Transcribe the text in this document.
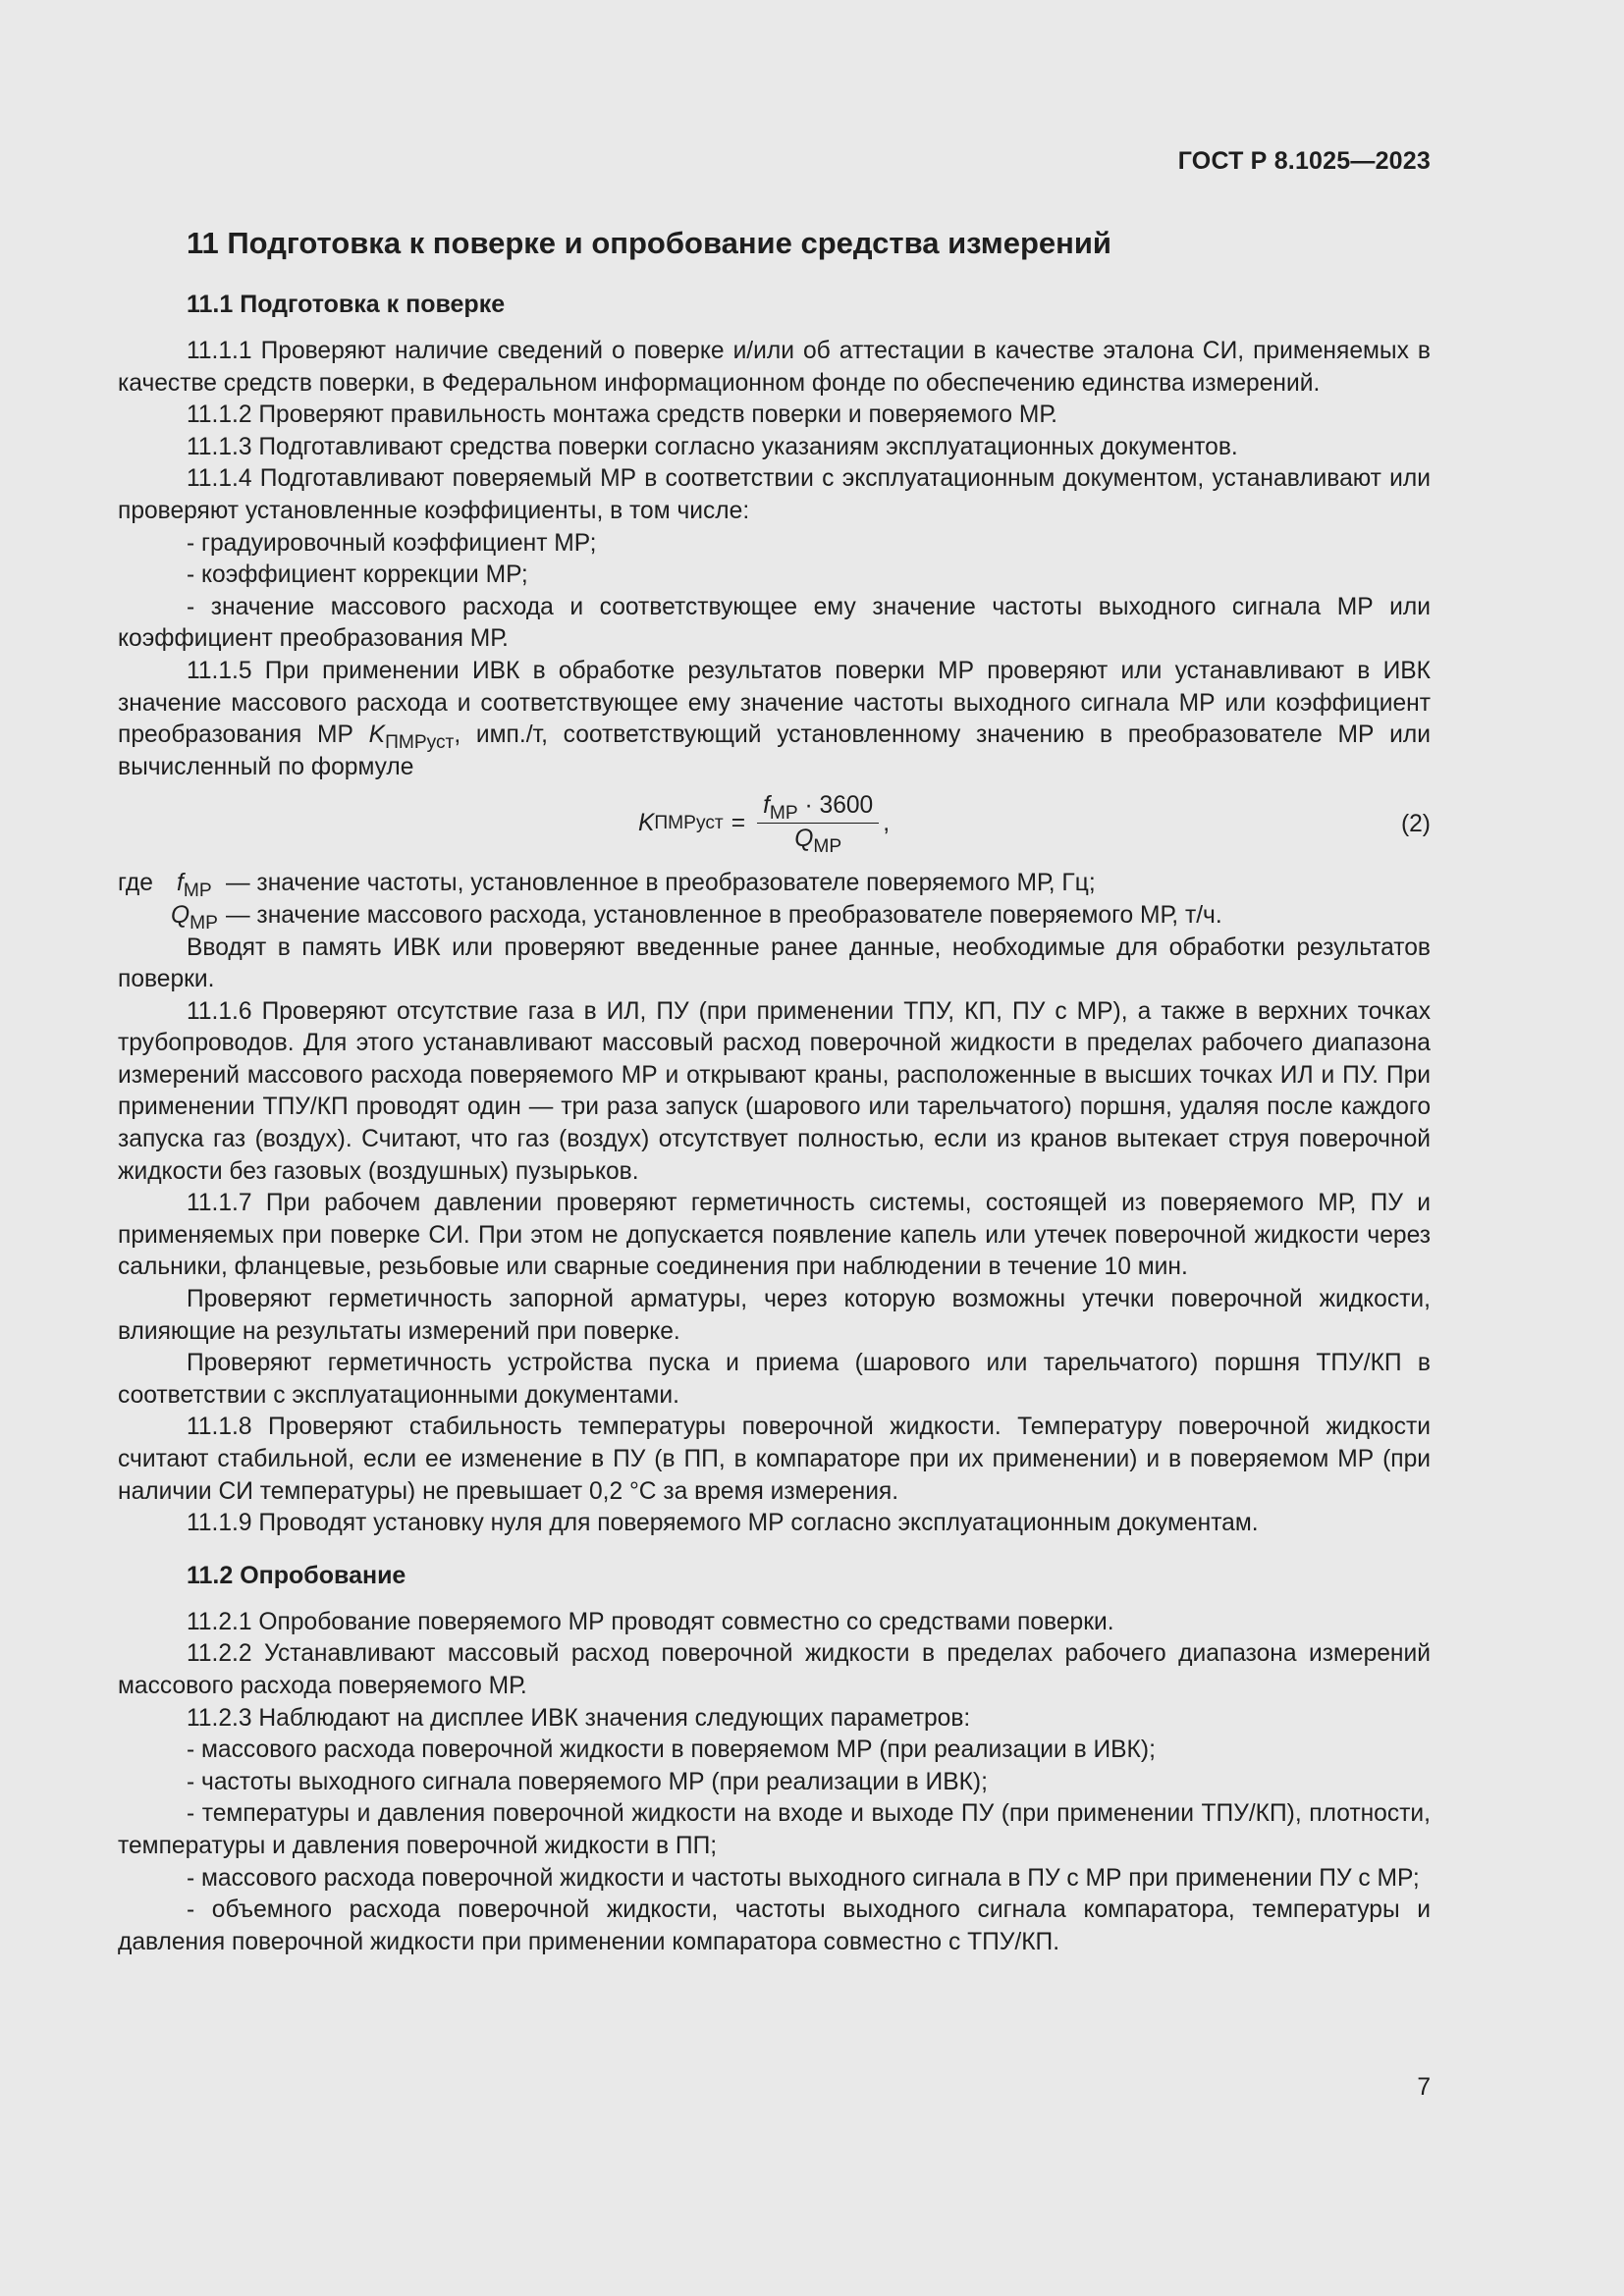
ГОСТ Р 8.1025—2023
11 Подготовка к поверке и опробование средства измерений
11.1 Подготовка к поверке

11.1.1 Проверяют наличие сведений о поверке и/или об аттестации в качестве эталона СИ, применяемых в качестве средств поверки, в Федеральном информационном фонде по обеспечению единства измерений.

11.1.2 Проверяют правильность монтажа средств поверки и поверяемого МР.

11.1.3 Подготавливают средства поверки согласно указаниям эксплуатационных документов.

11.1.4 Подготавливают поверяемый МР в соответствии с эксплуатационным документом, устанавливают или проверяют установленные коэффициенты, в том числе:

- градуировочный коэффициент МР;

- коэффициент коррекции МР;

- значение массового расхода и соответствующее ему значение частоты выходного сигнала МР или коэффициент преобразования МР.

11.1.5 При применении ИВК в обработке результатов поверки МР проверяют или устанавливают в ИВК значение массового расхода и соответствующее ему значение частоты выходного сигнала МР или коэффициент преобразования МР $K_{ПМРуст}$, имп./т, соответствующий установленному значению в преобразователе МР или вычисленный по формуле

K ПМРуст = $\frac{f_{МР} \cdot 3600}{Q_{МР}}$ ,	(2)
где $f_{МР}$ — значение частоты, установленное в преобразователе поверяемого МР, Гц;
$Q_{МР}$ — значение массового расхода, установленное в преобразователе поверяемого МР, т/ч.

Вводят в память ИВК или проверяют введенные ранее данные, необходимые для обработки результатов поверки.

11.1.6 Проверяют отсутствие газа в ИЛ, ПУ (при применении ТПУ, КП, ПУ с МР), а также в верхних точках трубопроводов. Для этого устанавливают массовый расход поверочной жидкости в пределах рабочего диапазона измерений массового расхода поверяемого МР и открывают краны, расположенные в высших точках ИЛ и ПУ. При применении ТПУ/КП проводят один — три раза запуск (шарового или тарельчатого) поршня, удаляя после каждого запуска газ (воздух). Считают, что газ (воздух) отсутствует полностью, если из кранов вытекает струя поверочной жидкости без газовых (воздушных) пузырьков.

11.1.7 При рабочем давлении проверяют герметичность системы, состоящей из поверяемого МР, ПУ и применяемых при поверке СИ. При этом не допускается появление капель или утечек поверочной жидкости через сальники, фланцевые, резьбовые или сварные соединения при наблюдении в течение 10 мин.

Проверяют герметичность запорной арматуры, через которую возможны утечки поверочной жидкости, влияющие на результаты измерений при поверке.

Проверяют герметичность устройства пуска и приема (шарового или тарельчатого) поршня ТПУ/КП в соответствии с эксплуатационными документами.

11.1.8 Проверяют стабильность температуры поверочной жидкости. Температуру поверочной жидкости считают стабильной, если ее изменение в ПУ (в ПП, в компараторе при их применении) и в поверяемом МР (при наличии СИ температуры) не превышает 0,2 °С за время измерения.

11.1.9 Проводят установку нуля для поверяемого МР согласно эксплуатационным документам.

11.2 Опробование

11.2.1 Опробование поверяемого МР проводят совместно со средствами поверки.

11.2.2 Устанавливают массовый расход поверочной жидкости в пределах рабочего диапазона измерений массового расхода поверяемого МР.

11.2.3 Наблюдают на дисплее ИВК значения следующих параметров:

- массового расхода поверочной жидкости в поверяемом МР (при реализации в ИВК);

- частоты выходного сигнала поверяемого МР (при реализации в ИВК);

- температуры и давления поверочной жидкости на входе и выходе ПУ (при применении ТПУ/КП), плотности, температуры и давления поверочной жидкости в ПП;

- массового расхода поверочной жидкости и частоты выходного сигнала в ПУ с МР при применении ПУ с МР;

- объемного расхода поверочной жидкости, частоты выходного сигнала компаратора, температуры и давления поверочной жидкости при применении компаратора совместно с ТПУ/КП.

7
